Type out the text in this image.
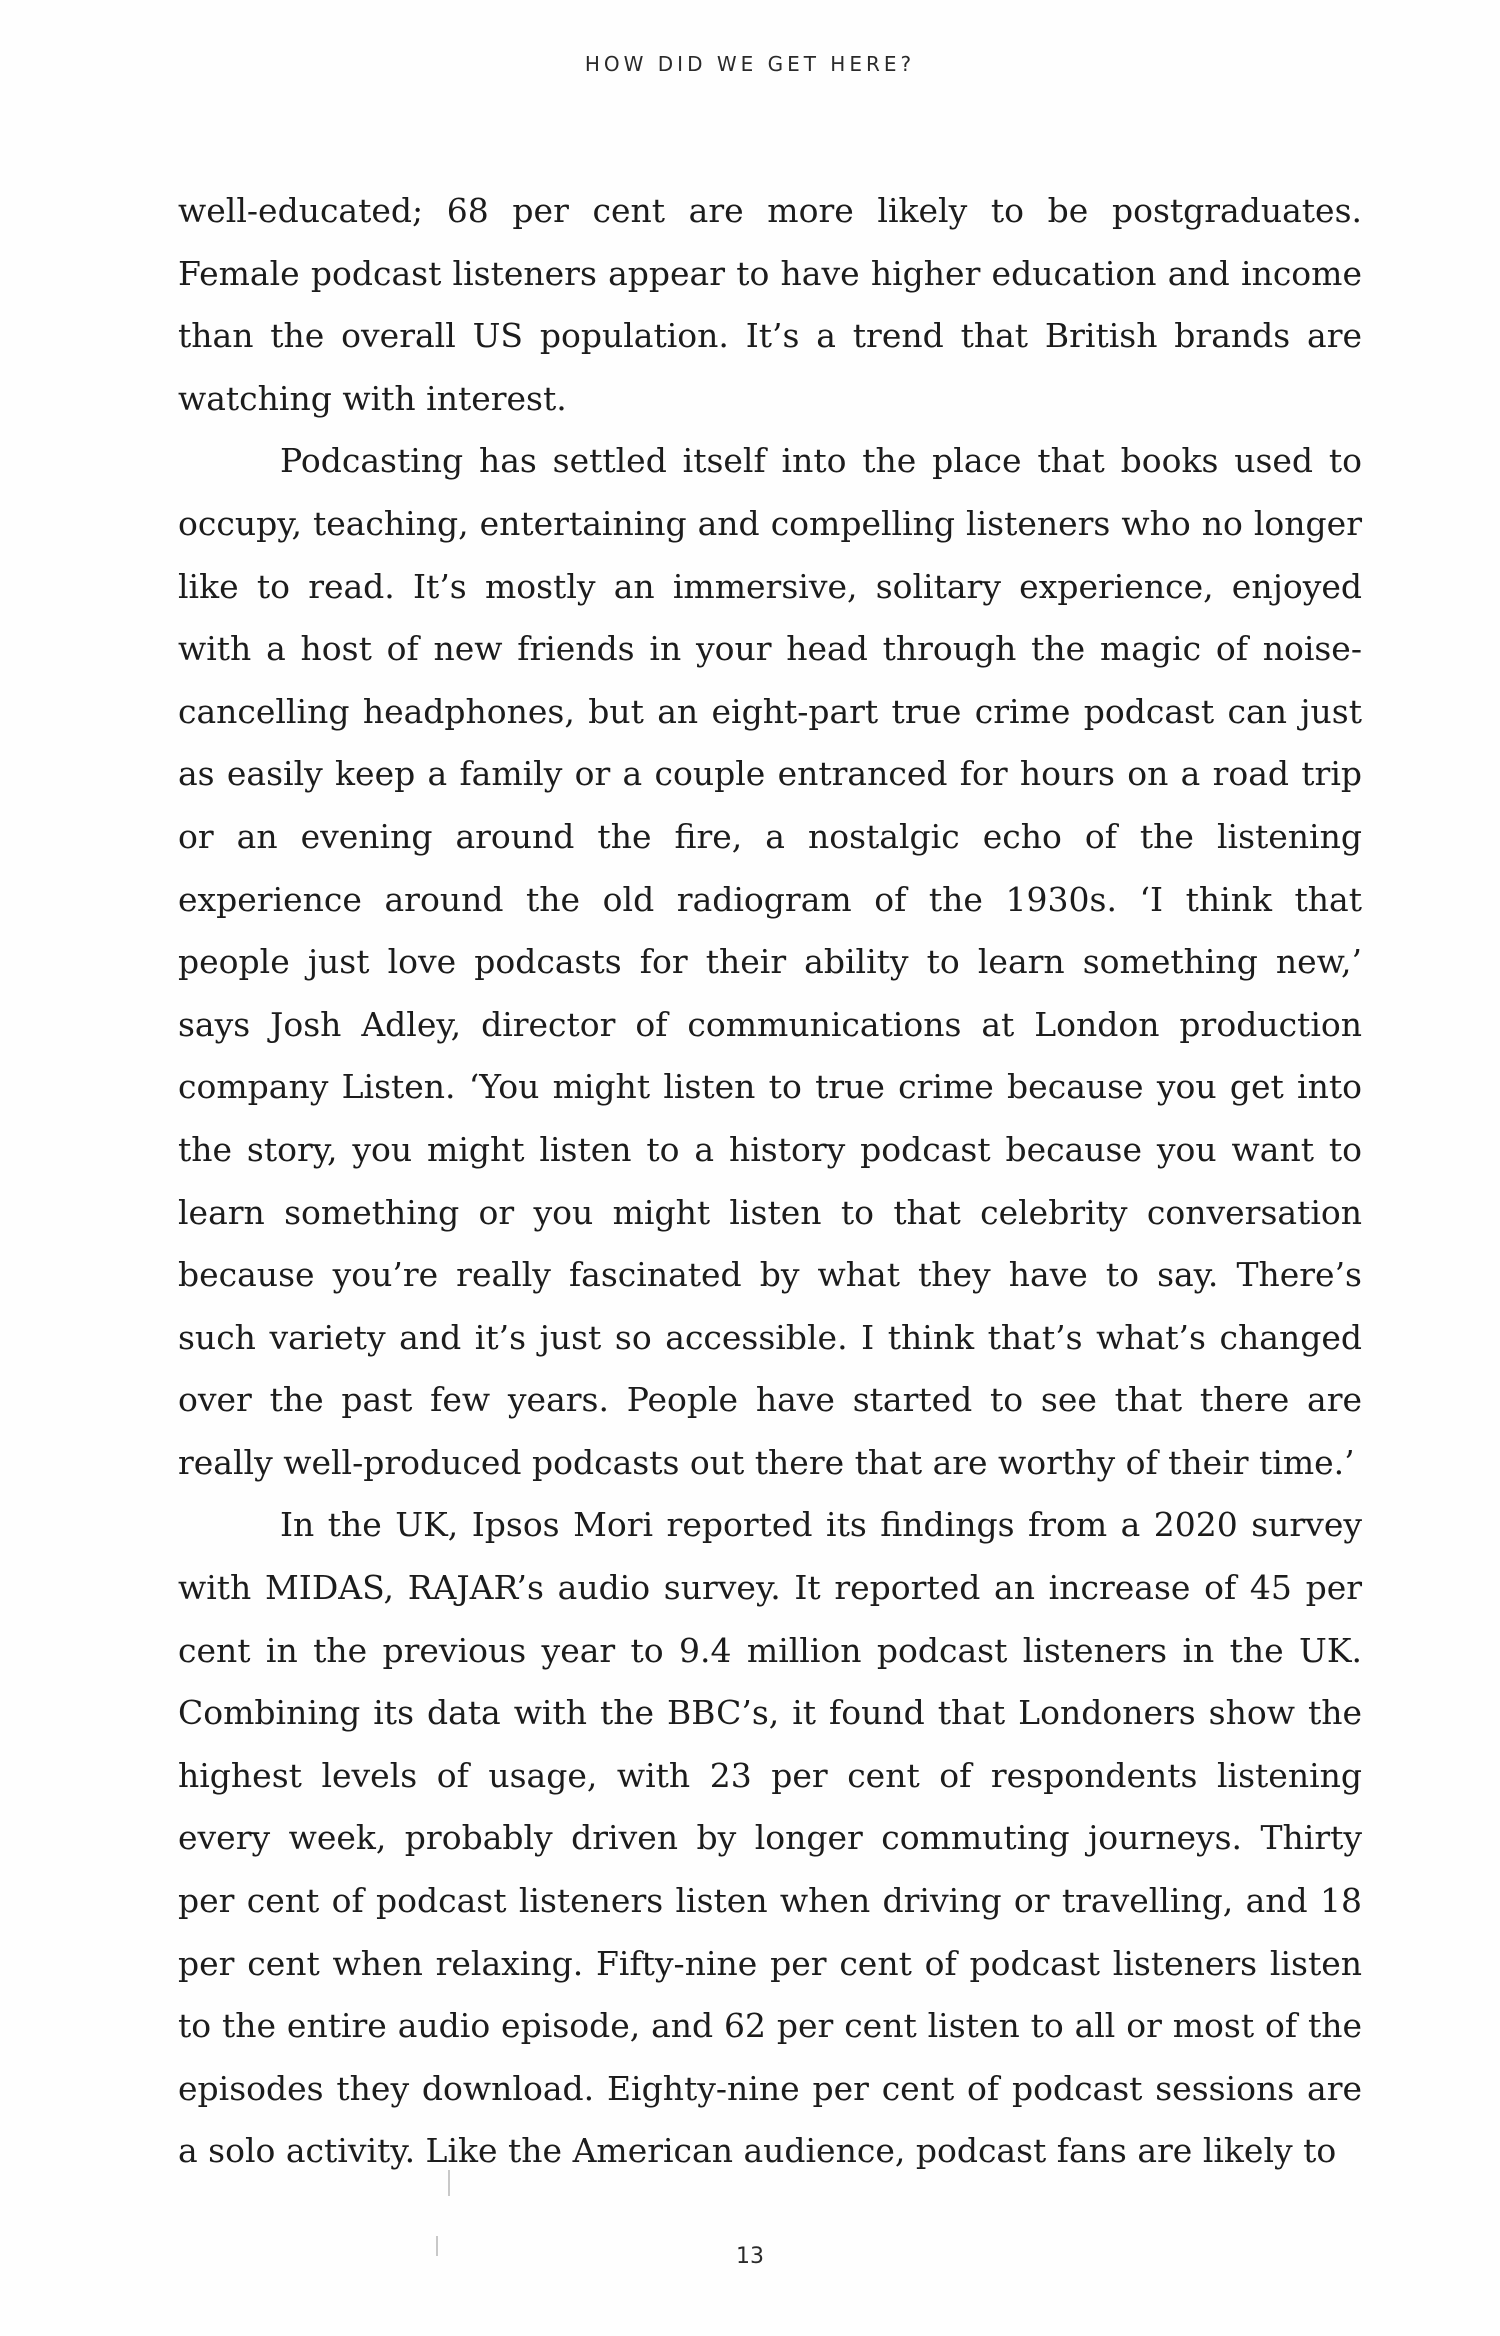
HOW DID WE GET HERE?

well-educated; 68 per cent are more likely to be postgraduates. Female podcast listeners appear to have higher education and income than the overall US population. It’s a trend that British brands are watching with interest.

Podcasting has settled itself into the place that books used to occupy, teaching, entertaining and compelling listeners who no longer like to read. It’s mostly an immersive, solitary experience, enjoyed with a host of new friends in your head through the magic of noise-cancelling headphones, but an eight-part true crime podcast can just as easily keep a family or a couple entranced for hours on a road trip or an evening around the fire, a nostalgic echo of the listening experience around the old radiogram of the 1930s. ‘I think that people just love podcasts for their ability to learn something new,’ says Josh Adley, director of communications at London production company Listen. ‘You might listen to true crime because you get into the story, you might listen to a history podcast because you want to learn something or you might listen to that celebrity conversation because you’re really fascinated by what they have to say. There’s such variety and it’s just so accessible. I think that’s what’s changed over the past few years. People have started to see that there are really well-produced podcasts out there that are worthy of their time.’

In the UK, Ipsos Mori reported its findings from a 2020 survey with MIDAS, RAJAR’s audio survey. It reported an increase of 45 per cent in the previous year to 9.4 million podcast listeners in the UK. Combining its data with the BBC’s, it found that Londoners show the highest levels of usage, with 23 per cent of respondents listening every week, probably driven by longer commuting journeys. Thirty per cent of podcast listeners listen when driving or travelling, and 18 per cent when relaxing. Fifty-nine per cent of podcast listeners listen to the entire audio episode, and 62 per cent listen to all or most of the episodes they download. Eighty-nine per cent of podcast sessions are a solo activity. Like the American audience, podcast fans are likely to

13
